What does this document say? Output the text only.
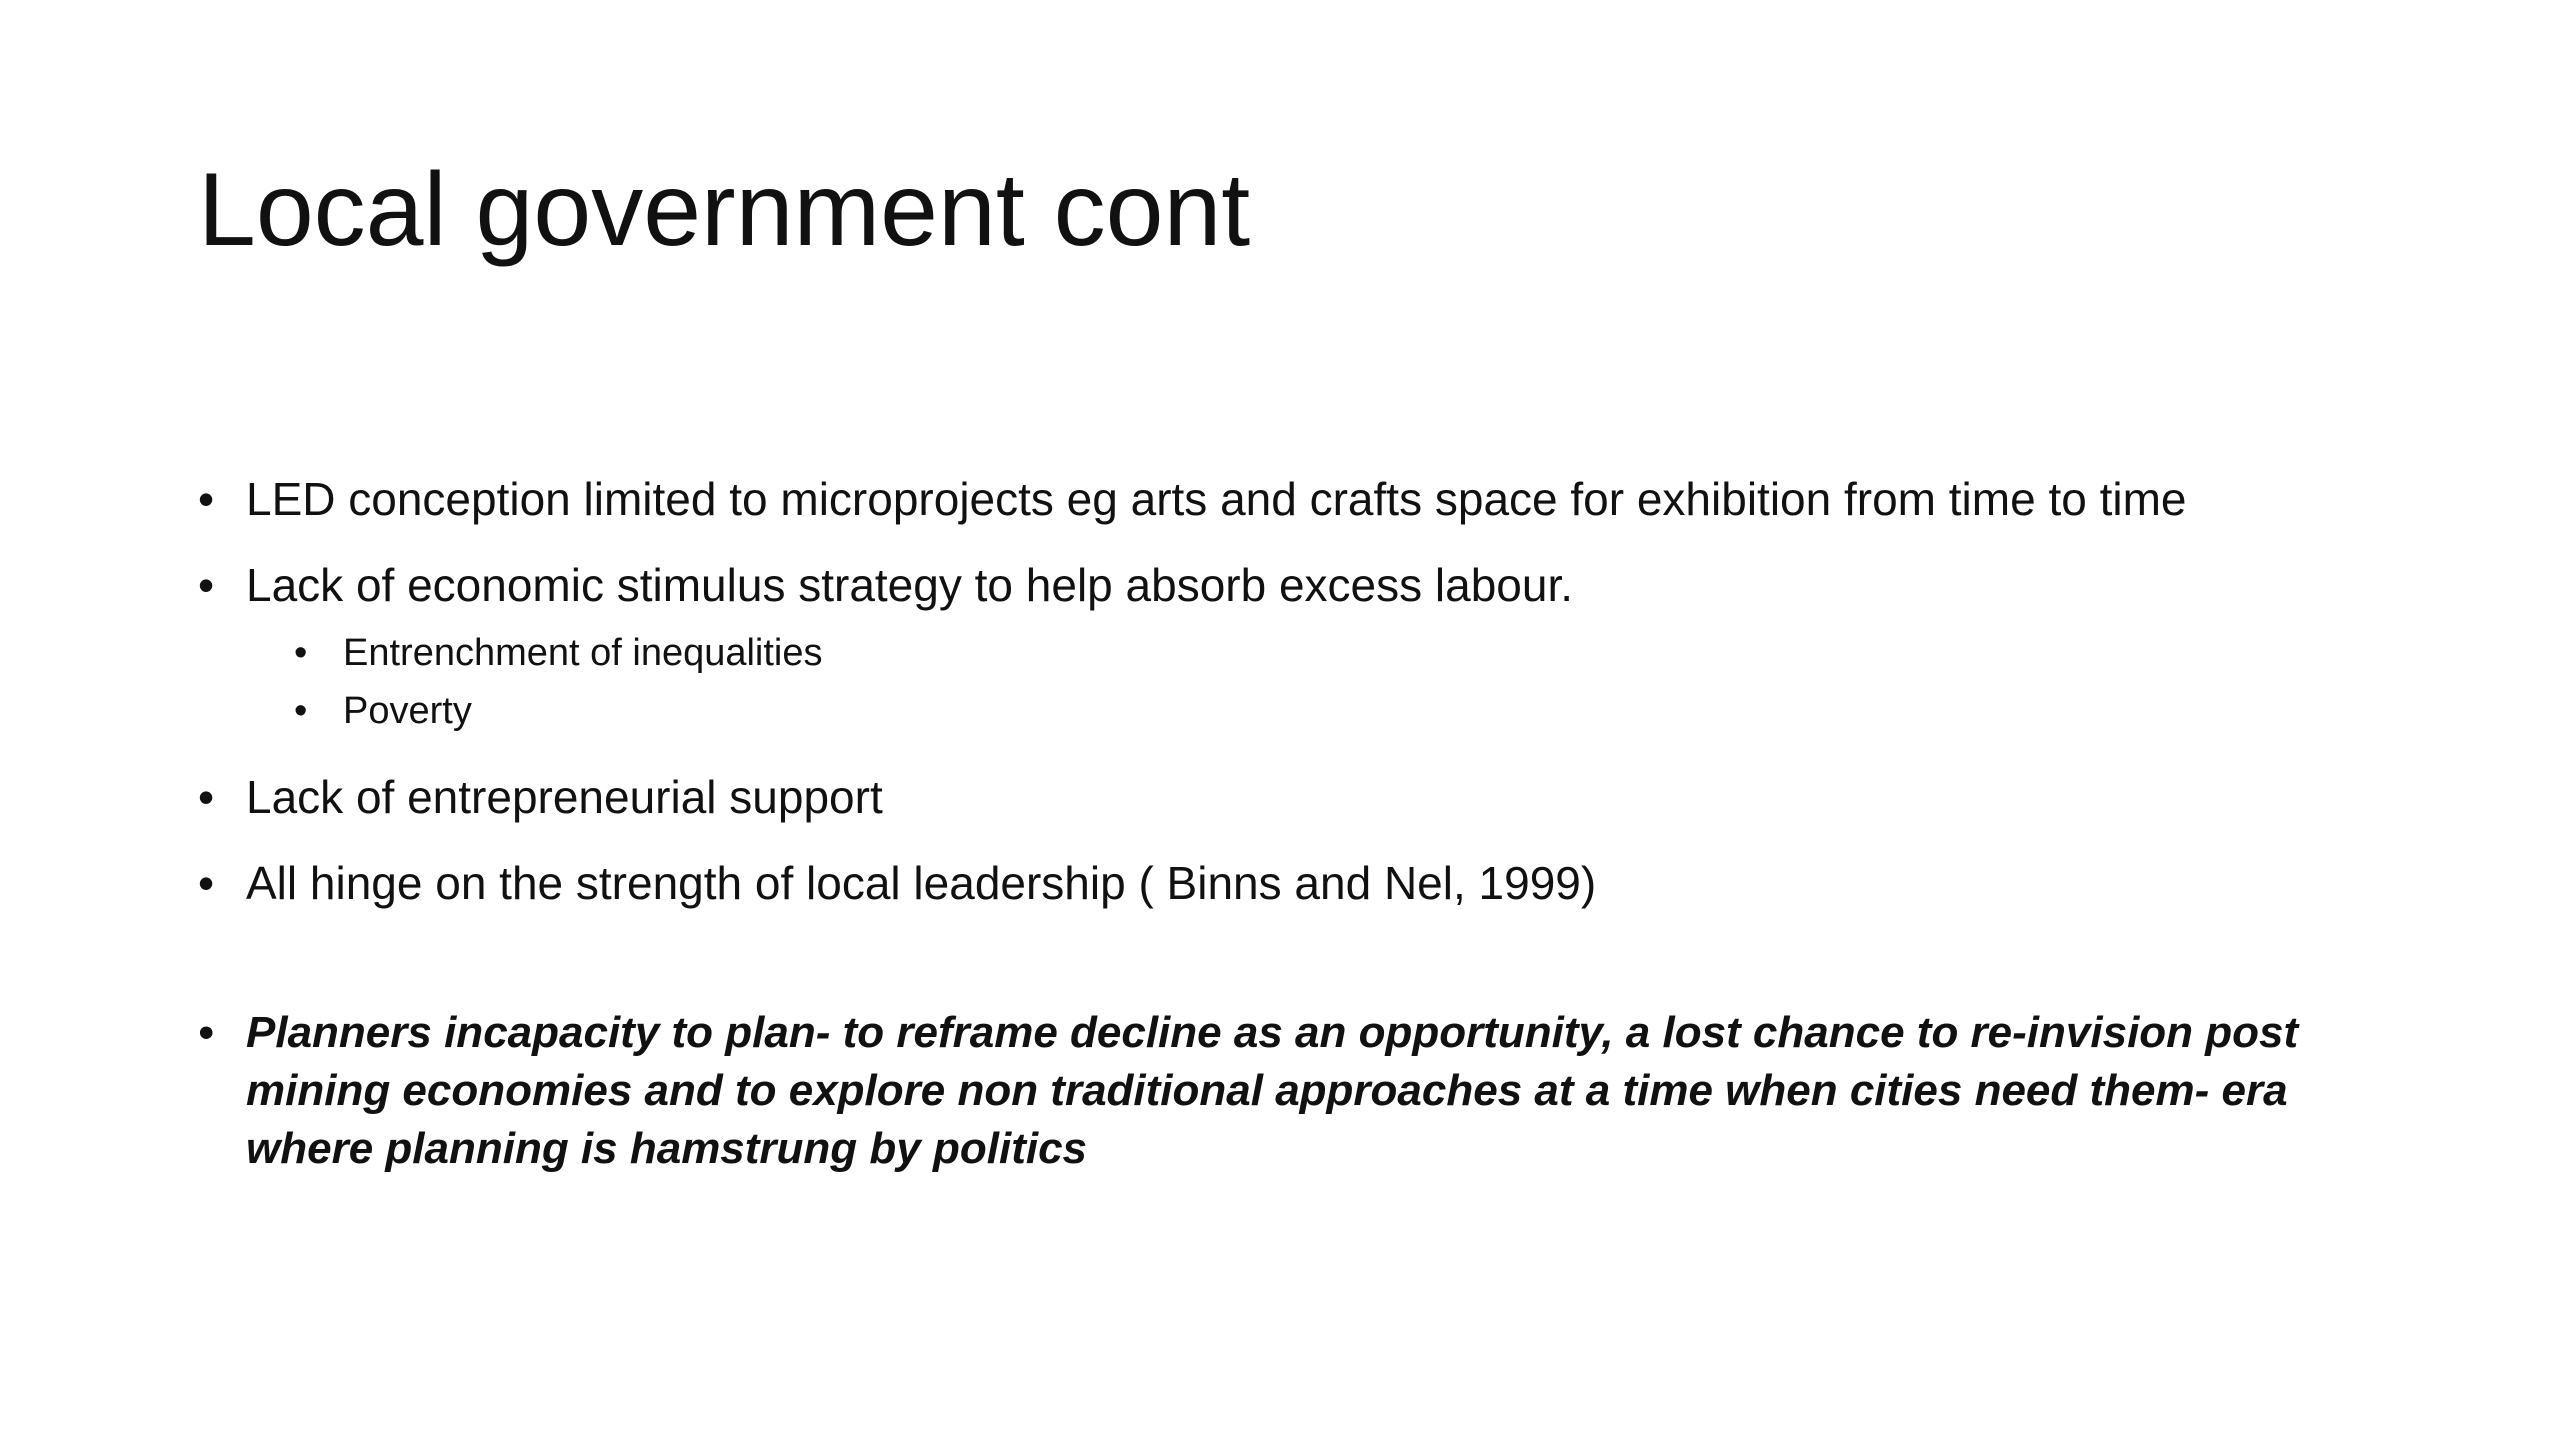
Local government cont
• LED conception limited to microprojects eg arts and crafts space for exhibition from time to time
• Lack of economic stimulus strategy to help absorb excess labour.
• Entrenchment of inequalities
• Poverty
• Lack of entrepreneurial support
• All hinge on the strength of local leadership ( Binns and Nel, 1999)
• Planners incapacity to plan- to reframe decline as an opportunity, a lost chance to re-invision post mining economies and to explore non traditional approaches at a time when cities need them- era where planning is hamstrung by politics
